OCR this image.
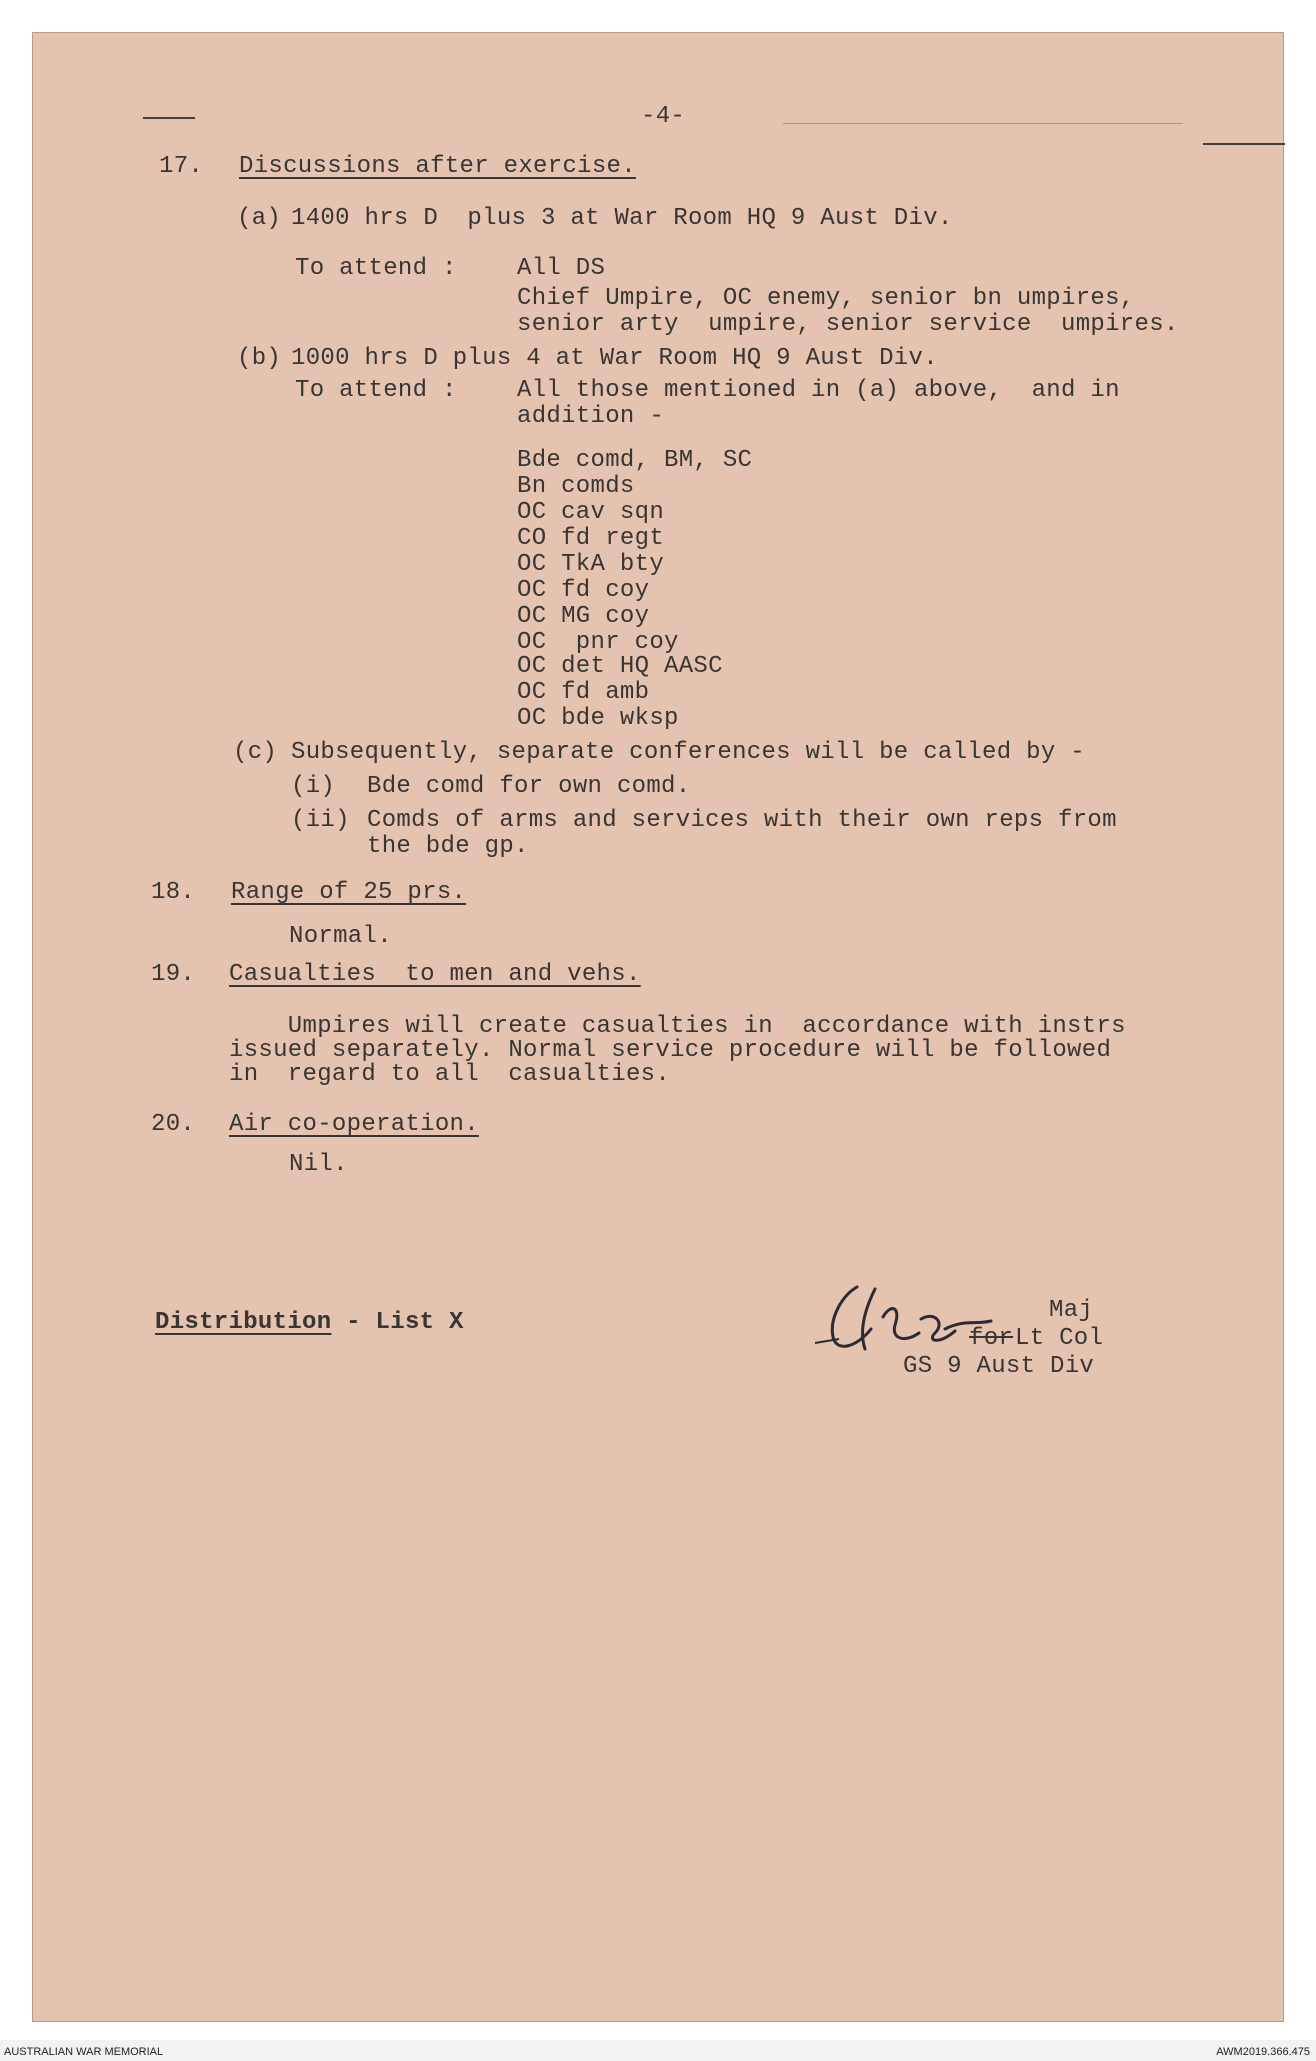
-4-
17. Discussions after exercise.
(a) 1400 hrs D  plus 3 at War Room HQ 9 Aust Div.
To attend :	All DS
Chief Umpire, OC enemy, senior bn umpires,
senior arty  umpire, senior service  umpires.
(b) 1000 hrs D plus 4 at War Room HQ 9 Aust Div.
To attend :	All those mentioned in (a) above,  and in
addition -
Bde comd, BM, SC
Bn comds
OC cav sqn
CO fd regt
OC TkA bty
OC fd coy
OC MG coy
OC  pnr coy
OC det HQ AASC
OC fd amb
OC bde wksp
(c) Subsequently, separate conferences will be called by -
(i) Bde comd for own comd.
(ii) Comds of arms and services with their own reps from
the bde gp.
18. Range of 25 prs.
Normal.
19. Casualties  to men and vehs.
Umpires will create casualties in  accordance with instrs
issued separately. Normal service procedure will be followed
in  regard to all  casualties.
20. Air co-operation.
Nil.
Distribution - List X	Maj
for Lt Col
GS 9 Aust Div
AUSTRALIAN WAR MEMORIAL	AWM2019.366.475
